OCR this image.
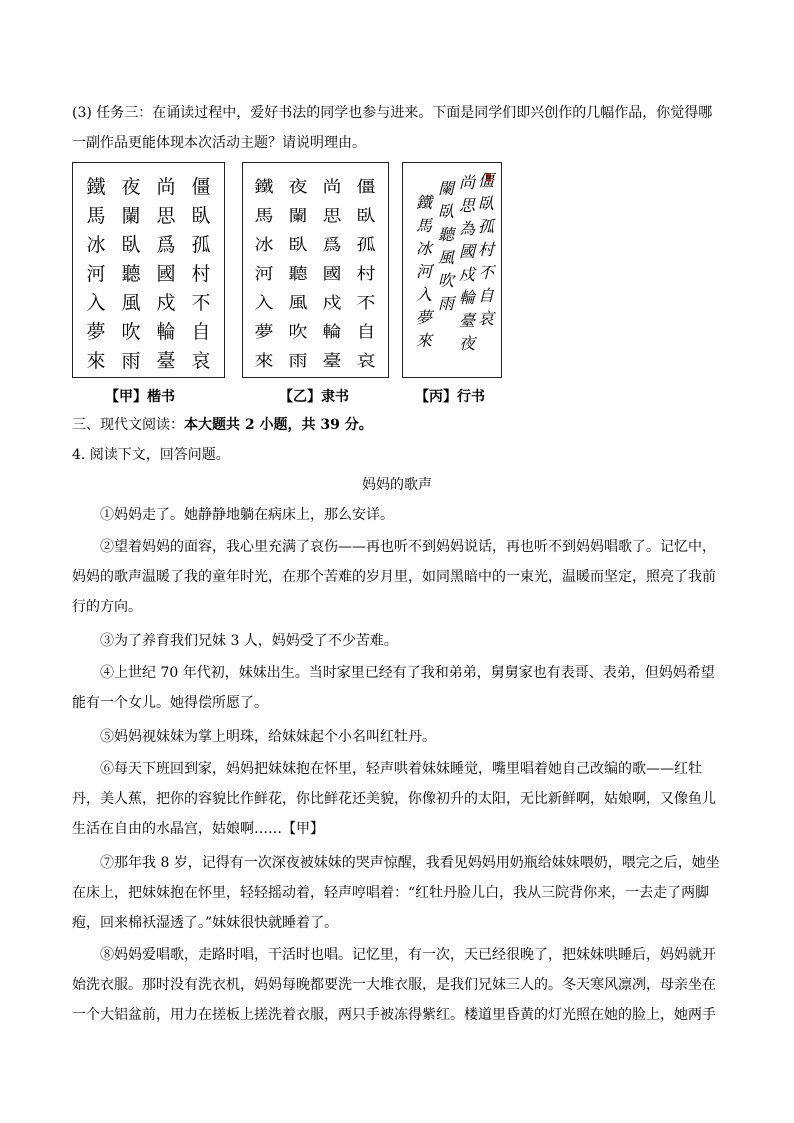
(3) 任务三：在诵读过程中，爱好书法的同学也参与进来。下面是同学们即兴创作的几幅作品，你觉得哪
一副作品更能体现本次活动主题？请说明理由。
鐵
馬
冰
河
入
夢
來
夜
闌
臥
聽
風
吹
雨
尚
思
爲
國
戍
輪
臺
僵
臥
孤
村
不
自
哀
鐵
馬
冰
河
入
夢
來
夜
闌
臥
聽
風
吹
雨
尚
思
爲
國
戍
輪
臺
僵
臥
孤
村
不
自
哀
鐵
馬
冰
河
入
夢
來
闌
臥
聽
風
吹
雨
尚
思
為
國
戍
輪
臺
夜
僵
臥
孤
村
不
自
哀
【甲】楷书	【乙】隶书	【丙】行书
三、现代文阅读：本大题共 2 小题，共 39 分。
4. 阅读下文，回答问题。
妈妈的歌声
①妈妈走了。她静静地躺在病床上，那么安详。
②望着妈妈的面容，我心里充满了哀伤——再也听不到妈妈说话，再也听不到妈妈唱歌了。记忆中，
妈妈的歌声温暖了我的童年时光，在那个苦难的岁月里，如同黑暗中的一束光，温暖而坚定，照亮了我前
行的方向。
③为了养育我们兄妹 3 人，妈妈受了不少苦难。
④上世纪 70 年代初，妹妹出生。当时家里已经有了我和弟弟，舅舅家也有表哥、表弟，但妈妈希望
能有一个女儿。她得偿所愿了。
⑤妈妈视妹妹为掌上明珠，给妹妹起个小名叫红牡丹。
⑥每天下班回到家，妈妈把妹妹抱在怀里，轻声哄着妹妹睡觉，嘴里唱着她自己改编的歌——红牡
丹，美人蕉，把你的容貌比作鲜花，你比鲜花还美貌，你像初升的太阳，无比新鲜啊，姑娘啊，又像鱼儿
生活在自由的水晶宫，姑娘啊……【甲】
⑦那年我 8 岁，记得有一次深夜被妹妹的哭声惊醒，我看见妈妈用奶瓶给妹妹喂奶，喂完之后，她坐
在床上，把妹妹抱在怀里，轻轻摇动着，轻声哼唱着：“红牡丹脸儿白，我从三院背你来，一去走了两脚
疱，回来棉袄湿透了。”妹妹很快就睡着了。
⑧妈妈爱唱歌，走路时唱，干活时也唱。记忆里，有一次，天已经很晚了，把妹妹哄睡后，妈妈就开
始洗衣服。那时没有洗衣机，妈妈每晚都要洗一大堆衣服，是我们兄妹三人的。冬天寒风凛冽，母亲坐在
一个大铝盆前，用力在搓板上搓洗着衣服，两只手被冻得紫红。楼道里昏黄的灯光照在她的脸上，她两手
